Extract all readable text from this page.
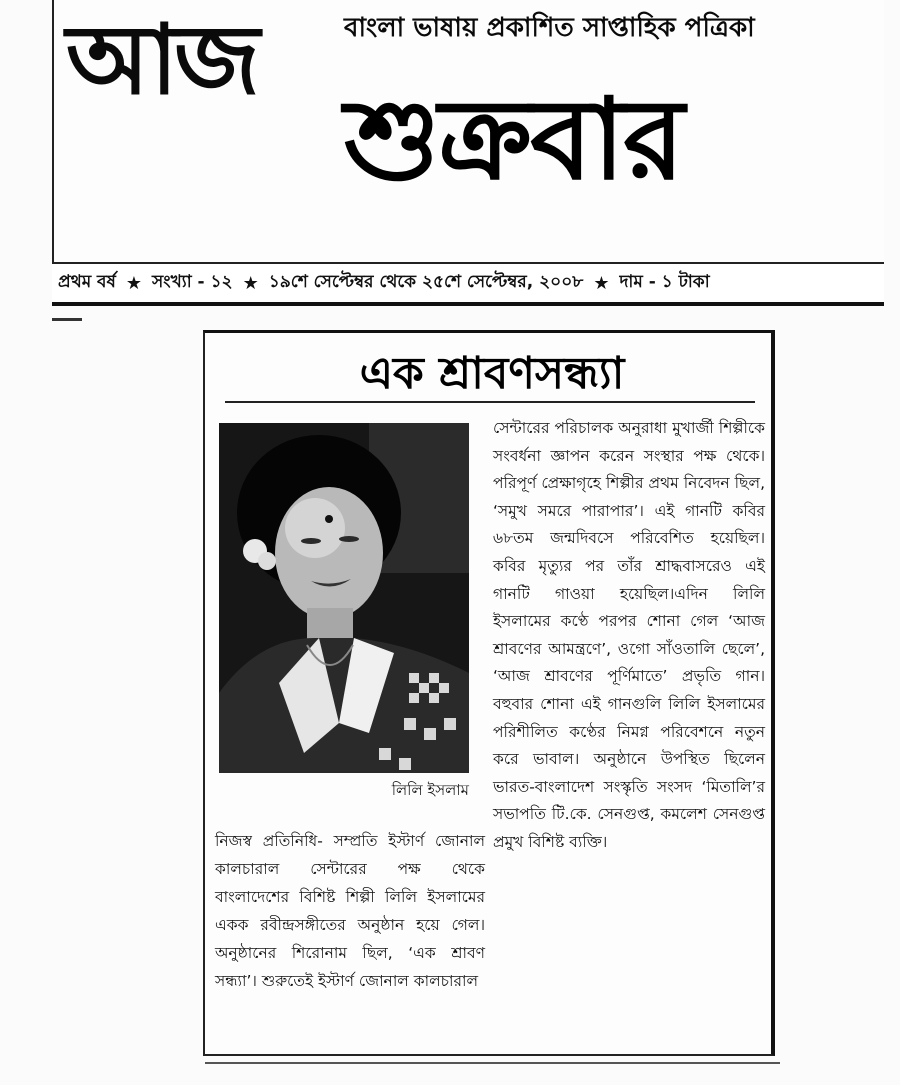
আজ	বাংলা ভাষায় প্রকাশিত সাপ্তাহিক পত্রিকা
শুক্রবার
প্রথম বর্ষ ★ সংখ্যা - ১২ ★ ১৯শে সেপ্টেম্বর থেকে ২৫শে সেপ্টেম্বর, ২০০৮ ★ দাম - ১ টাকা
এক শ্রাবণসন্ধ্যা
লিলি ইসলাম

সেন্টারের পরিচালক অনুরাধা মুখার্জী শিল্পীকে সংবর্ধনা জ্ঞাপন করেন সংস্থার পক্ষ থেকে। পরিপূর্ণ প্রেক্ষাগৃহে শিল্পীর প্রথম নিবেদন ছিল, ‘সমুখ সমরে পারাপার’। এই গানটি কবির ৬৮তম জন্মদিবসে পরিবেশিত হয়েছিল। কবির মৃত্যুর পর তাঁর শ্রাদ্ধবাসরেও এই গানটি গাওয়া হয়েছিল।এদিন লিলি ইসলামের কণ্ঠে পরপর শোনা গেল ‘আজ শ্রাবণের আমন্ত্রণে’, ওগো সাঁওতালি ছেলে’, ‘আজ শ্রাবণের পূর্ণিমাতে’ প্রভৃতি গান। বহুবার শোনা এই গানগুলি লিলি ইসলামের পরিশীলিত কণ্ঠের নিমগ্ন পরিবেশনে নতুন করে ভাবাল। অনুষ্ঠানে উপস্থিত ছিলেন ভারত-বাংলাদেশ সংস্কৃতি সংসদ ‘মিতালি’র সভাপতি টি.কে. সেনগুপ্ত, কমলেশ সেনগুপ্ত প্রমুখ বিশিষ্ট ব্যক্তি।

নিজস্ব প্রতিনিধি- সম্প্রতি ইস্টার্ণ জোনাল কালচারাল সেন্টারের পক্ষ থেকে বাংলাদেশের বিশিষ্ট শিল্পী লিলি ইসলামের একক রবীন্দ্রসঙ্গীতের অনুষ্ঠান হয়ে গেল। অনুষ্ঠানের শিরোনাম ছিল, ‘এক শ্রাবণ সন্ধ্যা’। শুরুতেই ইস্টার্ণ জোনাল কালচারাল
